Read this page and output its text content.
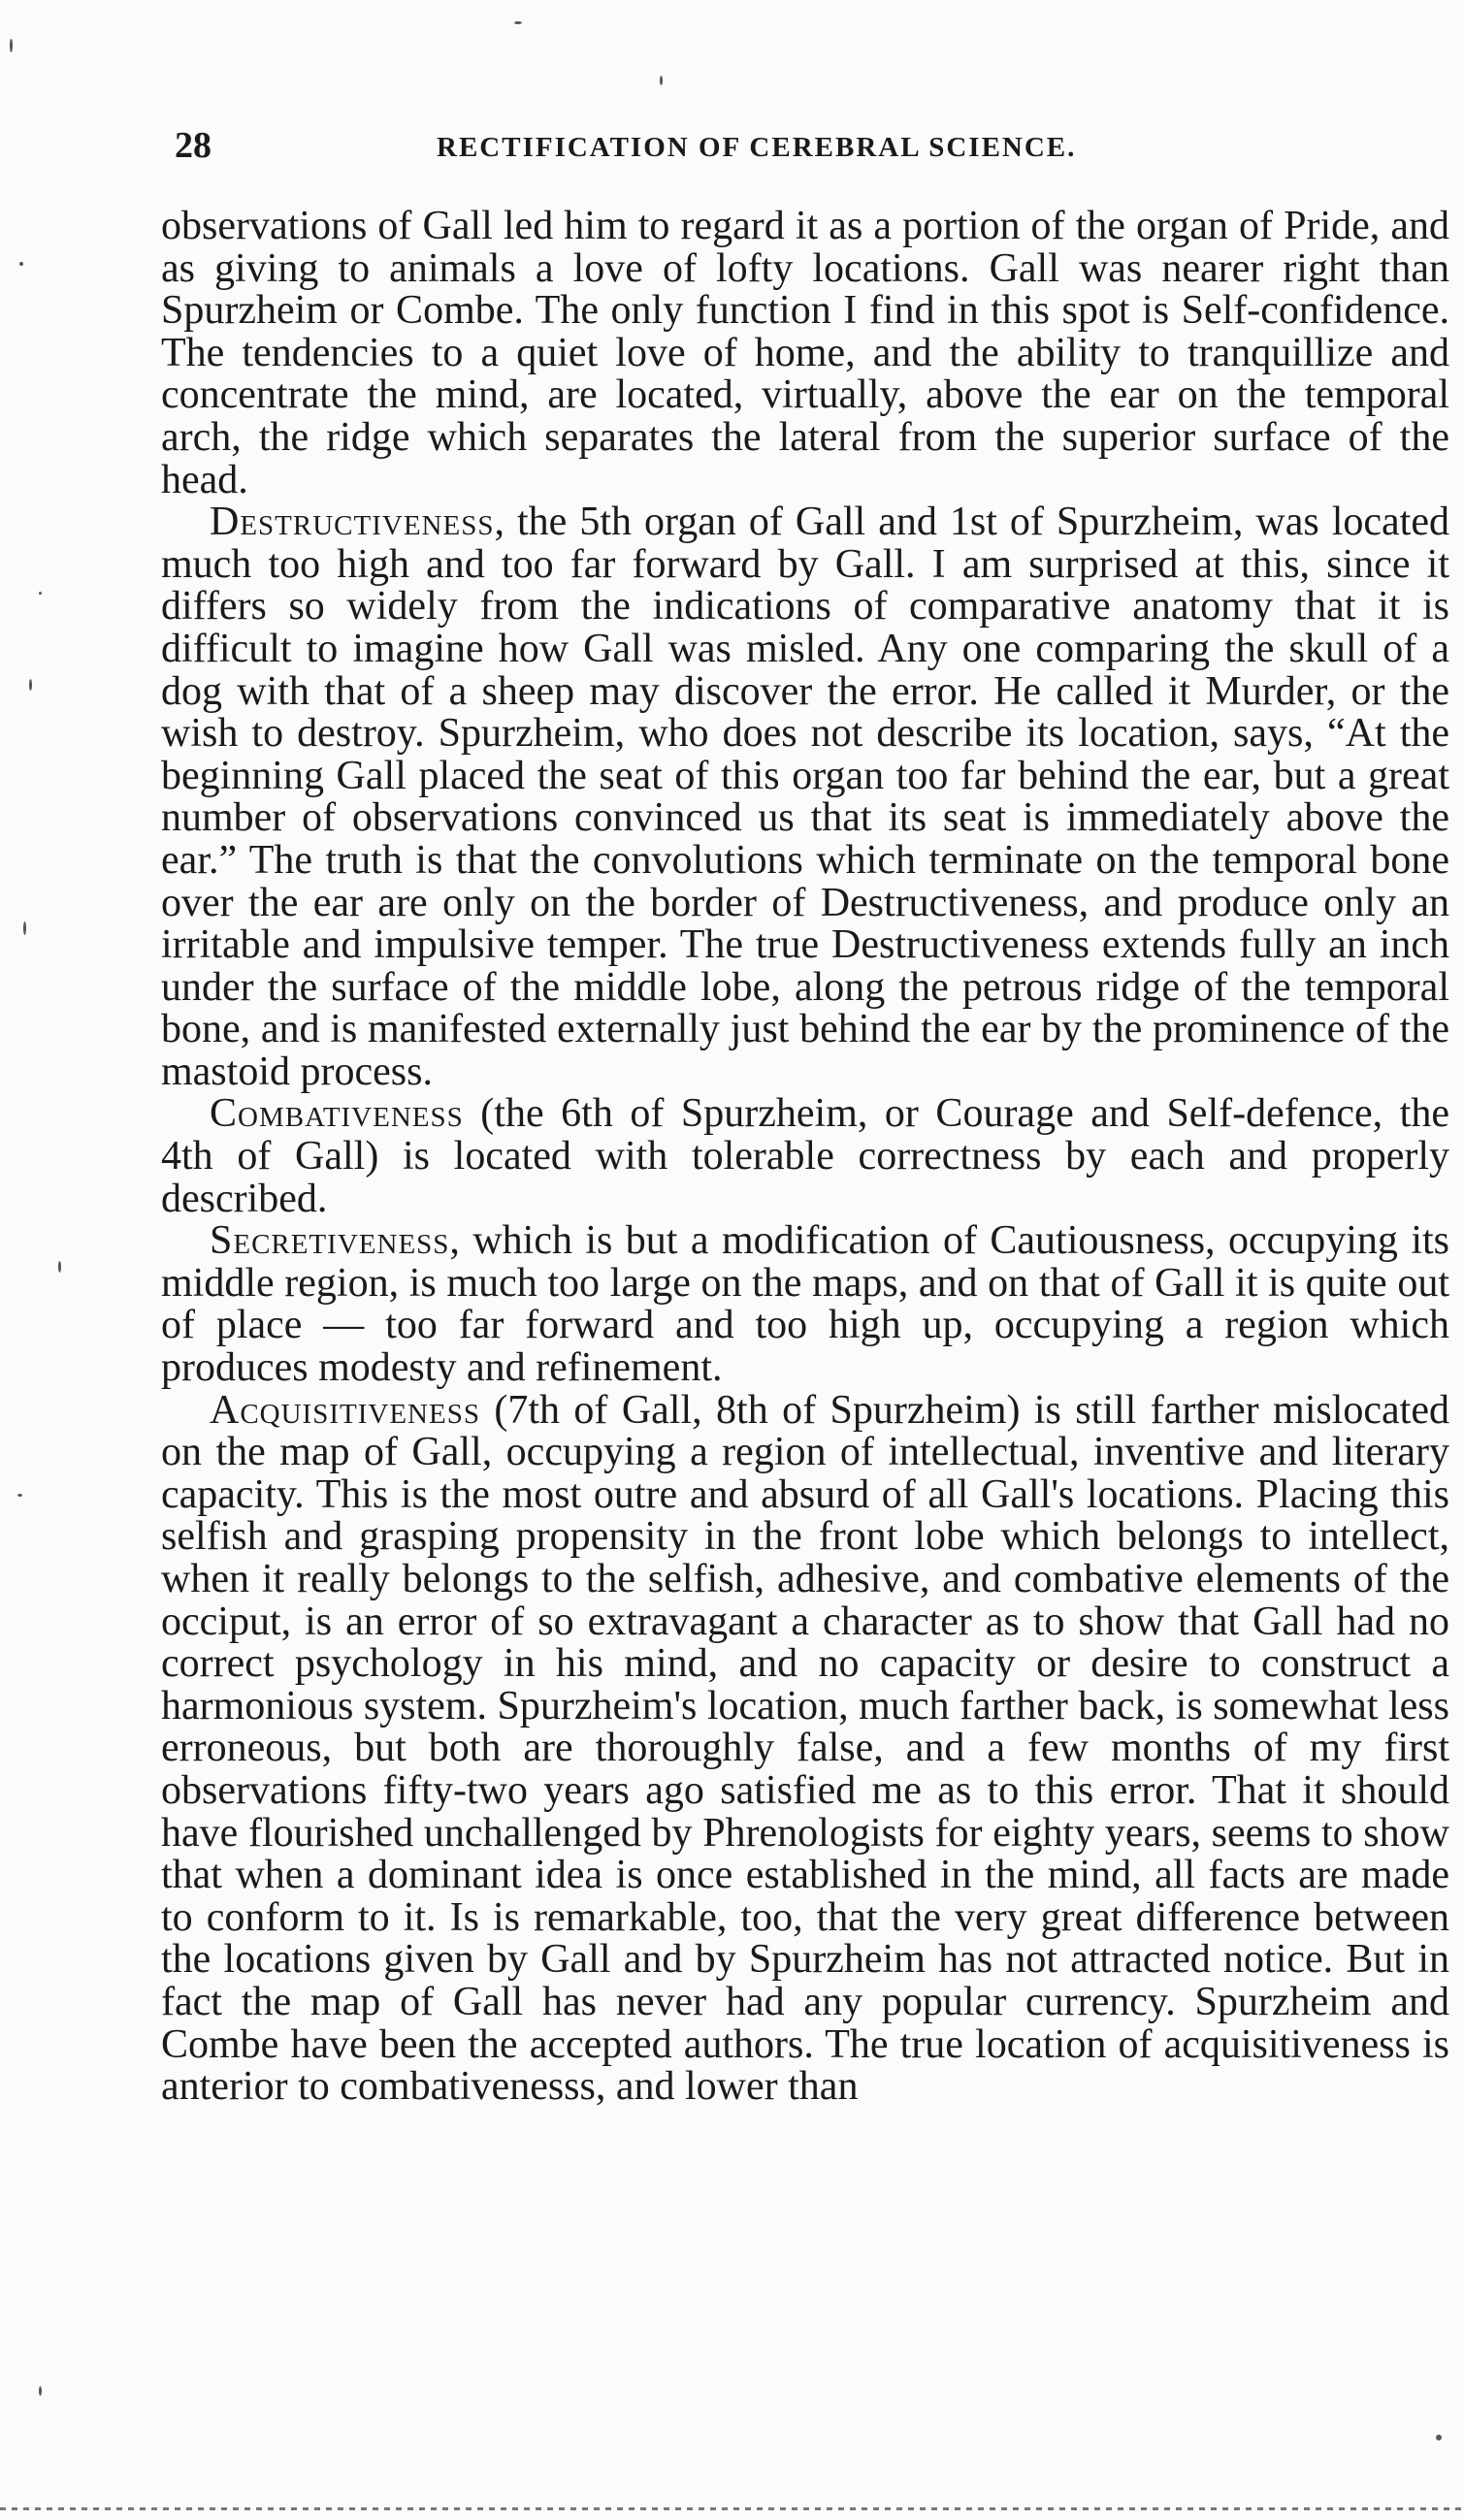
28	RECTIFICATION OF CEREBRAL SCIENCE.

observations of Gall led him to regard it as a portion of the organ of Pride, and as giving to animals a love of lofty locations. Gall was nearer right than Spurzheim or Combe. The only function I find in this spot is Self-confidence. The tendencies to a quiet love of home, and the ability to tranquillize and concentrate the mind, are located, virtually, above the ear on the temporal arch, the ridge which separates the lateral from the superior surface of the head.

Destructiveness, the 5th organ of Gall and 1st of Spurzheim, was located much too high and too far forward by Gall. I am surprised at this, since it differs so widely from the indications of comparative anatomy that it is difficult to imagine how Gall was misled. Any one comparing the skull of a dog with that of a sheep may discover the error. He called it Murder, or the wish to destroy. Spurzheim, who does not describe its location, says, “At the beginning Gall placed the seat of this organ too far behind the ear, but a great number of observations convinced us that its seat is immediately above the ear.” The truth is that the convolutions which terminate on the temporal bone over the ear are only on the border of Destructiveness, and produce only an irritable and impulsive temper. The true Destructiveness extends fully an inch under the surface of the middle lobe, along the petrous ridge of the temporal bone, and is manifested externally just behind the ear by the prominence of the mastoid process.

Combativeness (the 6th of Spurzheim, or Courage and Self-defence, the 4th of Gall) is located with tolerable correctness by each and properly described.

Secretiveness, which is but a modification of Cautiousness, occupying its middle region, is much too large on the maps, and on that of Gall it is quite out of place — too far forward and too high up, occupying a region which produces modesty and refinement.

Acquisitiveness (7th of Gall, 8th of Spurzheim) is still farther mislocated on the map of Gall, occupying a region of intellectual, inventive and literary capacity. This is the most outre and absurd of all Gall's locations. Placing this selfish and grasping propensity in the front lobe which belongs to intellect, when it really belongs to the selfish, adhesive, and combative elements of the occiput, is an error of so extravagant a character as to show that Gall had no correct psychology in his mind, and no capacity or desire to construct a harmonious system. Spurzheim's location, much farther back, is somewhat less erroneous, but both are thoroughly false, and a few months of my first observations fifty-two years ago satisfied me as to this error. That it should have flourished unchallenged by Phrenologists for eighty years, seems to show that when a dominant idea is once established in the mind, all facts are made to conform to it. Is is remarkable, too, that the very great difference between the locations given by Gall and by Spurzheim has not attracted notice. But in fact the map of Gall has never had any popular currency. Spurzheim and Combe have been the accepted authors. The true location of acquisitiveness is anterior to combativenesss, and lower than
